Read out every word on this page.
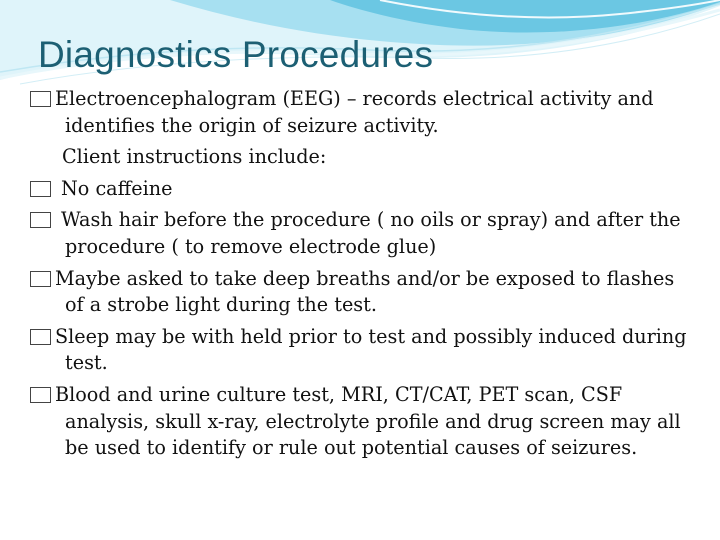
Diagnostics Procedures

Electroencephalogram (EEG) – records electrical activity and identifies the origin of seizure activity.

Client instructions include:

No caffeine

Wash hair before the procedure ( no oils or spray) and after the procedure ( to remove electrode glue)

Maybe asked to take deep breaths and/or be exposed to flashes of a strobe light during the test.

Sleep may be with held prior to test and possibly induced during test.

Blood and urine culture test, MRI, CT/CAT, PET scan, CSF analysis, skull x-ray, electrolyte profile and drug screen may all be used to identify or rule out potential causes of seizures.
